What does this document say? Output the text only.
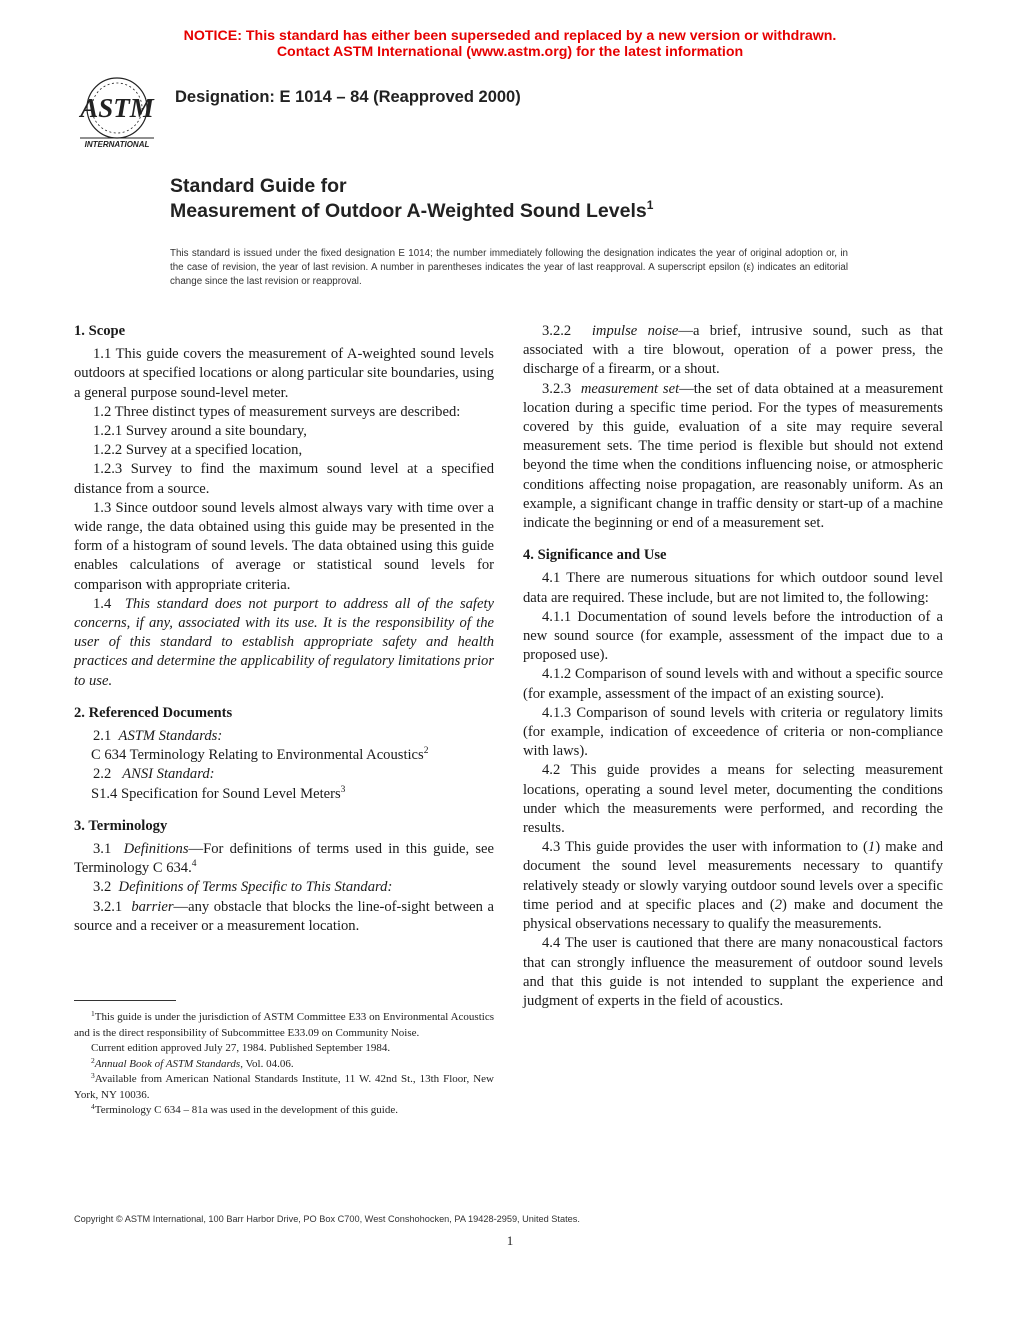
NOTICE: This standard has either been superseded and replaced by a new version or withdrawn.
Contact ASTM International (www.astm.org) for the latest information
ASTM
INTERNATIONAL
Designation: E 1014 – 84 (Reapproved 2000)
Standard Guide for
Measurement of Outdoor A-Weighted Sound Levels$^1$
This standard is issued under the fixed designation E 1014; the number immediately following the designation indicates the year of original adoption or, in the case of revision, the year of last revision. A number in parentheses indicates the year of last reapproval. A superscript epsilon (ε) indicates an editorial change since the last revision or reapproval.
1. Scope

1.1 This guide covers the measurement of A-weighted sound levels outdoors at specified locations or along particular site boundaries, using a general purpose sound-level meter.

1.2 Three distinct types of measurement surveys are described:

1.2.1 Survey around a site boundary,

1.2.2 Survey at a specified location,

1.2.3 Survey to find the maximum sound level at a specified distance from a source.

1.3 Since outdoor sound levels almost always vary with time over a wide range, the data obtained using this guide may be presented in the form of a histogram of sound levels. The data obtained using this guide enables calculations of average or statistical sound levels for comparison with appropriate criteria.

1.4 This standard does not purport to address all of the safety concerns, if any, associated with its use. It is the responsibility of the user of this standard to establish appropriate safety and health practices and determine the applicability of regulatory limitations prior to use.

2. Referenced Documents

2.1 ASTM Standards:

C 634 Terminology Relating to Environmental Acoustics$^2$

2.2 ANSI Standard:

S1.4 Specification for Sound Level Meters$^3$

3. Terminology

3.1 Definitions—For definitions of terms used in this guide, see Terminology C 634.$^4$

3.2 Definitions of Terms Specific to This Standard:

3.2.1 barrier—any obstacle that blocks the line-of-sight between a source and a receiver or a measurement location.

3.2.2 impulse noise—a brief, intrusive sound, such as that associated with a tire blowout, operation of a power press, the discharge of a firearm, or a shout.

3.2.3 measurement set—the set of data obtained at a measurement location during a specific time period. For the types of measurements covered by this guide, evaluation of a site may require several measurement sets. The time period is flexible but should not extend beyond the time when the conditions influencing noise, or atmospheric conditions affecting noise propagation, are reasonably uniform. As an example, a significant change in traffic density or start-up of a machine indicate the beginning or end of a measurement set.

4. Significance and Use

4.1 There are numerous situations for which outdoor sound level data are required. These include, but are not limited to, the following:

4.1.1 Documentation of sound levels before the introduction of a new sound source (for example, assessment of the impact due to a proposed use).

4.1.2 Comparison of sound levels with and without a specific source (for example, assessment of the impact of an existing source).

4.1.3 Comparison of sound levels with criteria or regulatory limits (for example, indication of exceedence of criteria or non-compliance with laws).

4.2 This guide provides a means for selecting measurement locations, operating a sound level meter, documenting the conditions under which the measurements were performed, and recording the results.

4.3 This guide provides the user with information to (1) make and document the sound level measurements necessary to quantify relatively steady or slowly varying outdoor sound levels over a specific time period and at specific places and (2) make and document the physical observations necessary to qualify the measurements.

4.4 The user is cautioned that there are many nonacoustical factors that can strongly influence the measurement of outdoor sound levels and that this guide is not intended to supplant the experience and judgment of experts in the field of acoustics.

$^1$This guide is under the jurisdiction of ASTM Committee E33 on Environmental Acoustics and is the direct responsibility of Subcommittee E33.09 on Community Noise.

Current edition approved July 27, 1984. Published September 1984.

$^2$Annual Book of ASTM Standards, Vol. 04.06.

$^3$Available from American National Standards Institute, 11 W. 42nd St., 13th Floor, New York, NY 10036.

$^4$Terminology C 634 – 81a was used in the development of this guide.

Copyright © ASTM International, 100 Barr Harbor Drive, PO Box C700, West Conshohocken, PA 19428-2959, United States.
1
